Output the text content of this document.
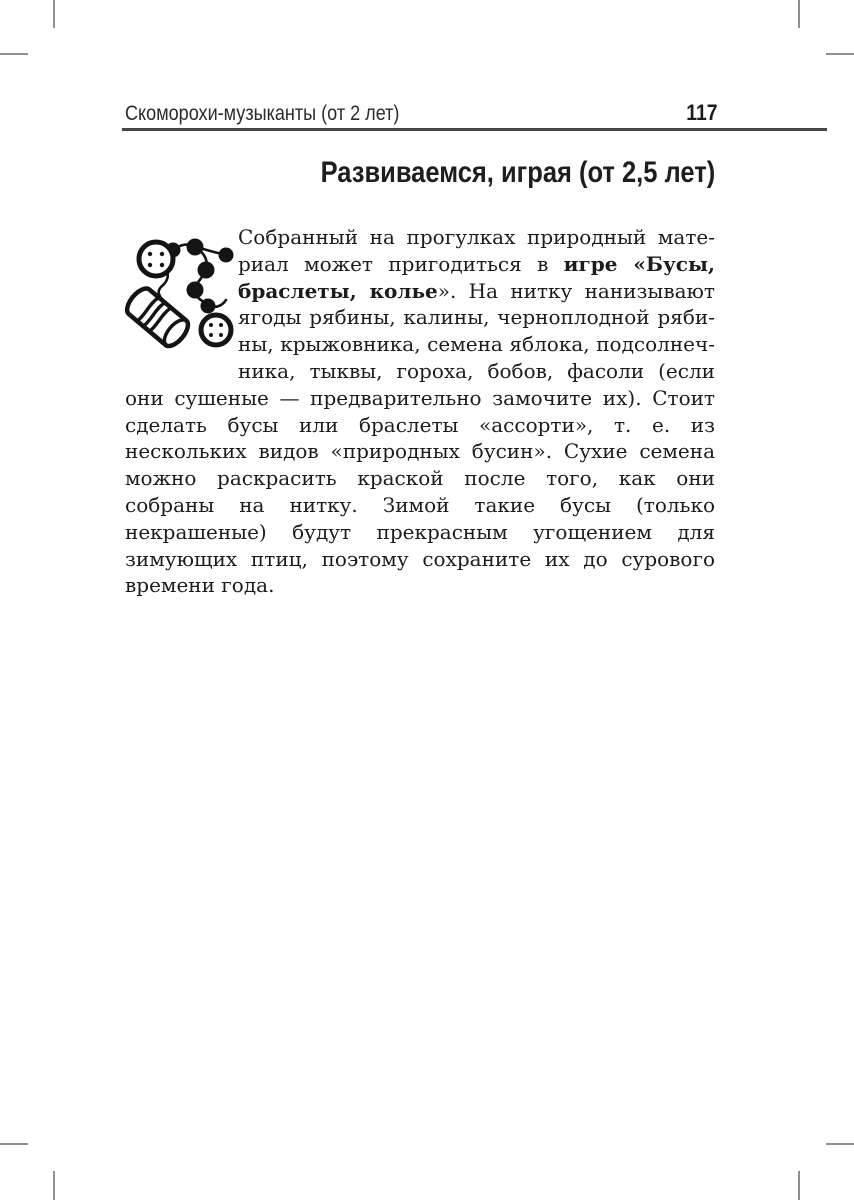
Скоморохи-музыканты (от 2 лет)	117
Развиваемся, играя (от 2,5 лет)
Собранный на прогулках природный материал может пригодиться в игре «Бусы, браслеты, колье». На нитку нанизывают ягоды рябины, калины, черноплодной рябины, крыжовника, семена яблока, подсолнечника, тыквы, гороха, бобов, фасоли (если они сушеные — предварительно замочите их). Стоит сделать бусы или браслеты «ассорти», т. е. из нескольких видов «природных бусин». Сухие семена можно раскрасить краской после того, как они собраны на нитку. Зимой такие бусы (только некрашеные) будут прекрасным угощением для зимующих птиц, поэтому сохраните их до сурового времени года.
